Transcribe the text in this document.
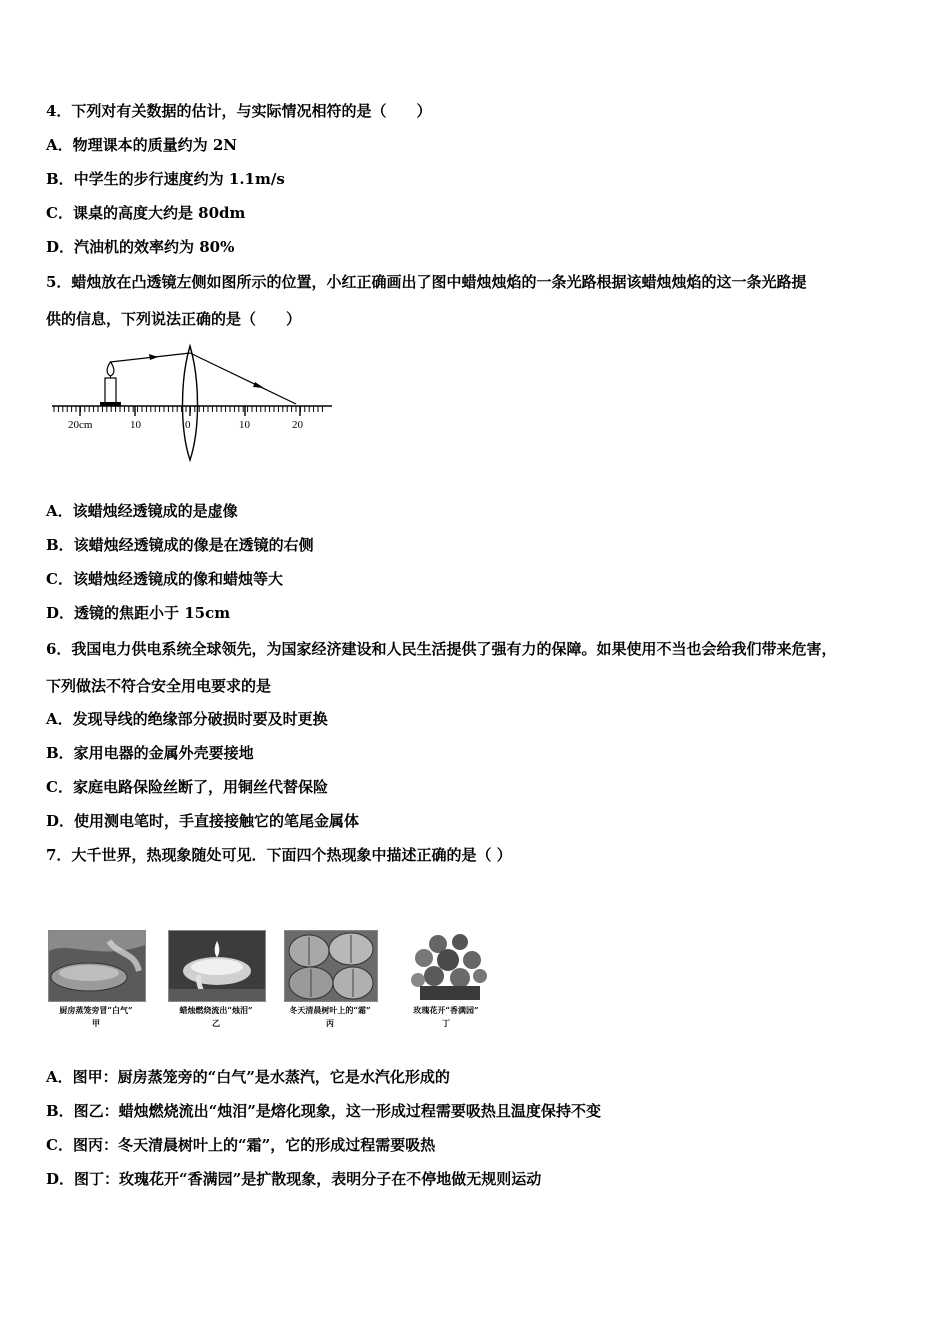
4．下列对有关数据的估计，与实际情况相符的是（　　）
A．物理课本的质量约为 2N
B．中学生的步行速度约为 1.1m/s
C．课桌的高度大约是 80dm
D．汽油机的效率约为 80%
5．蜡烛放在凸透镜左侧如图所示的位置，小红正确画出了图中蜡烛烛焰的一条光路根据该蜡烛烛焰的这一条光路提
供的信息，下列说法正确的是（　　）
20cm	10	0	10	20
A．该蜡烛经透镜成的是虚像
B．该蜡烛经透镜成的像是在透镜的右侧
C．该蜡烛经透镜成的像和蜡烛等大
D．透镜的焦距小于 15cm
6．我国电力供电系统全球领先，为国家经济建设和人民生活提供了强有力的保障。如果使用不当也会给我们带来危害，
下列做法不符合安全用电要求的是
A．发现导线的绝缘部分破损时要及时更换
B．家用电器的金属外壳要接地
C．家庭电路保险丝断了，用铜丝代替保险
D．使用测电笔时，手直接接触它的笔尾金属体
7．大千世界，热现象随处可见．下面四个热现象中描述正确的是（ ）
厨房蒸笼旁冒“白气”
甲
蜡烛燃烧流出“烛泪”
乙
冬天清晨树叶上的“霜”
丙
玫瑰花开“香满园”
丁
A．图甲：厨房蒸笼旁的“白气”是水蒸汽，它是水汽化形成的
B．图乙：蜡烛燃烧流出“烛泪”是熔化现象，这一形成过程需要吸热且温度保持不变
C．图丙：冬天清晨树叶上的“霜”，它的形成过程需要吸热
D．图丁：玫瑰花开“香满园”是扩散现象，表明分子在不停地做无规则运动
